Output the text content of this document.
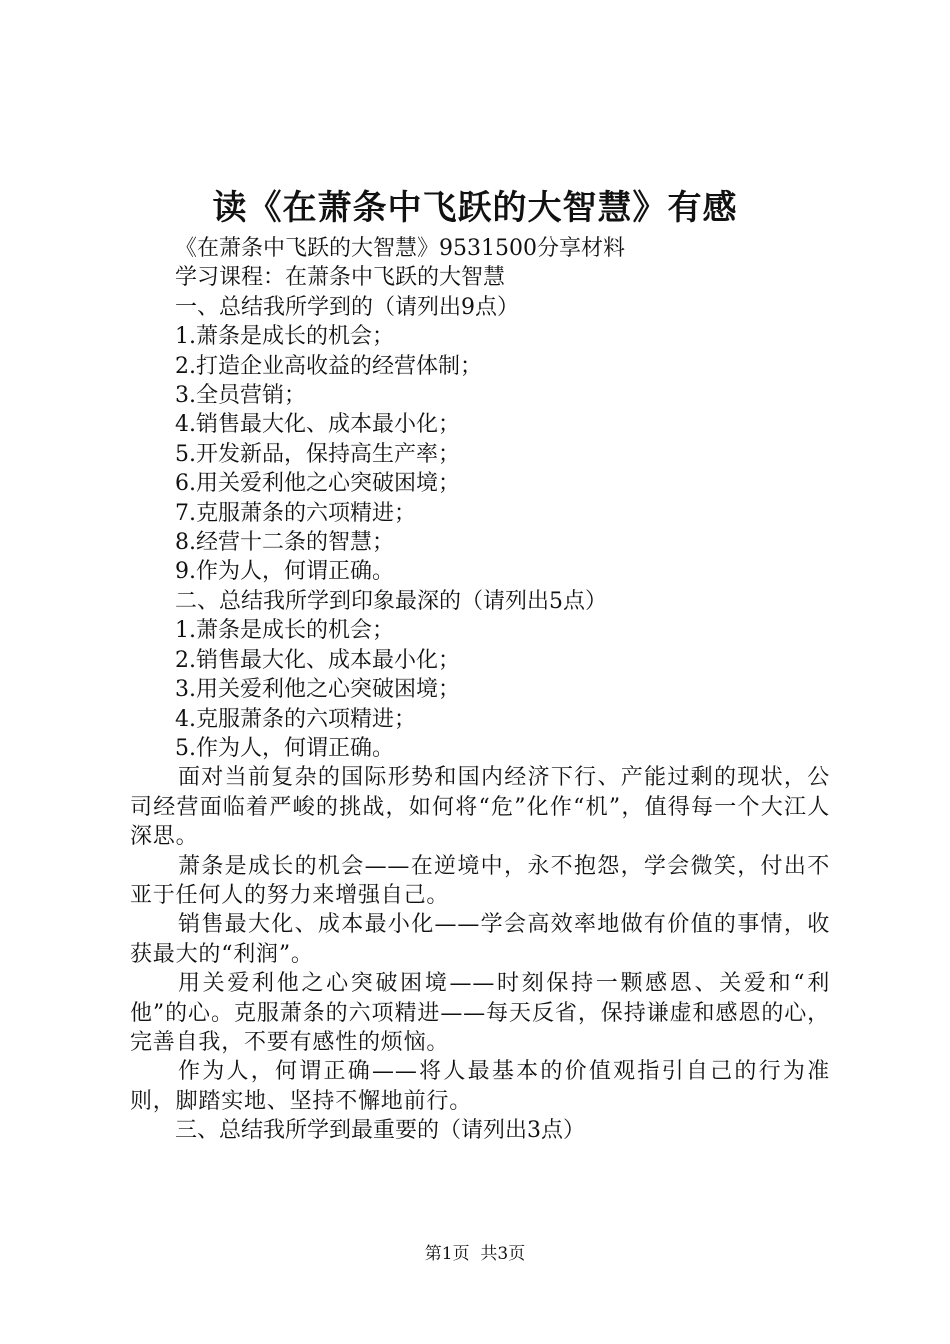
读《在萧条中飞跃的大智慧》有感
《在萧条中飞跃的大智慧》9531500分享材料
学习课程：在萧条中飞跃的大智慧
一、总结我所学到的（请列出9点）
1.萧条是成长的机会；
2.打造企业高收益的经营体制；
3.全员营销；
4.销售最大化、成本最小化；
5.开发新品，保持高生产率；
6.用关爱利他之心突破困境；
7.克服萧条的六项精进；
8.经营十二条的智慧；
9.作为人，何谓正确。
二、总结我所学到印象最深的（请列出5点）
1.萧条是成长的机会；
2.销售最大化、成本最小化；
3.用关爱利他之心突破困境；
4.克服萧条的六项精进；
5.作为人，何谓正确。
面对当前复杂的国际形势和国内经济下行、产能过剩的现状，公司经营面临着严峻的挑战，如何将“危”化作“机”，值得每一个大江人深思。
萧条是成长的机会——在逆境中，永不抱怨，学会微笑，付出不亚于任何人的努力来增强自己。
销售最大化、成本最小化——学会高效率地做有价值的事情，收获最大的“利润”。
用关爱利他之心突破困境——时刻保持一颗感恩、关爱和“利他”的心。克服萧条的六项精进——每天反省，保持谦虚和感恩的心，完善自我，不要有感性的烦恼。
作为人，何谓正确——将人最基本的价值观指引自己的行为准则，脚踏实地、坚持不懈地前行。
三、总结我所学到最重要的（请列出3点）
第1页  共3页
